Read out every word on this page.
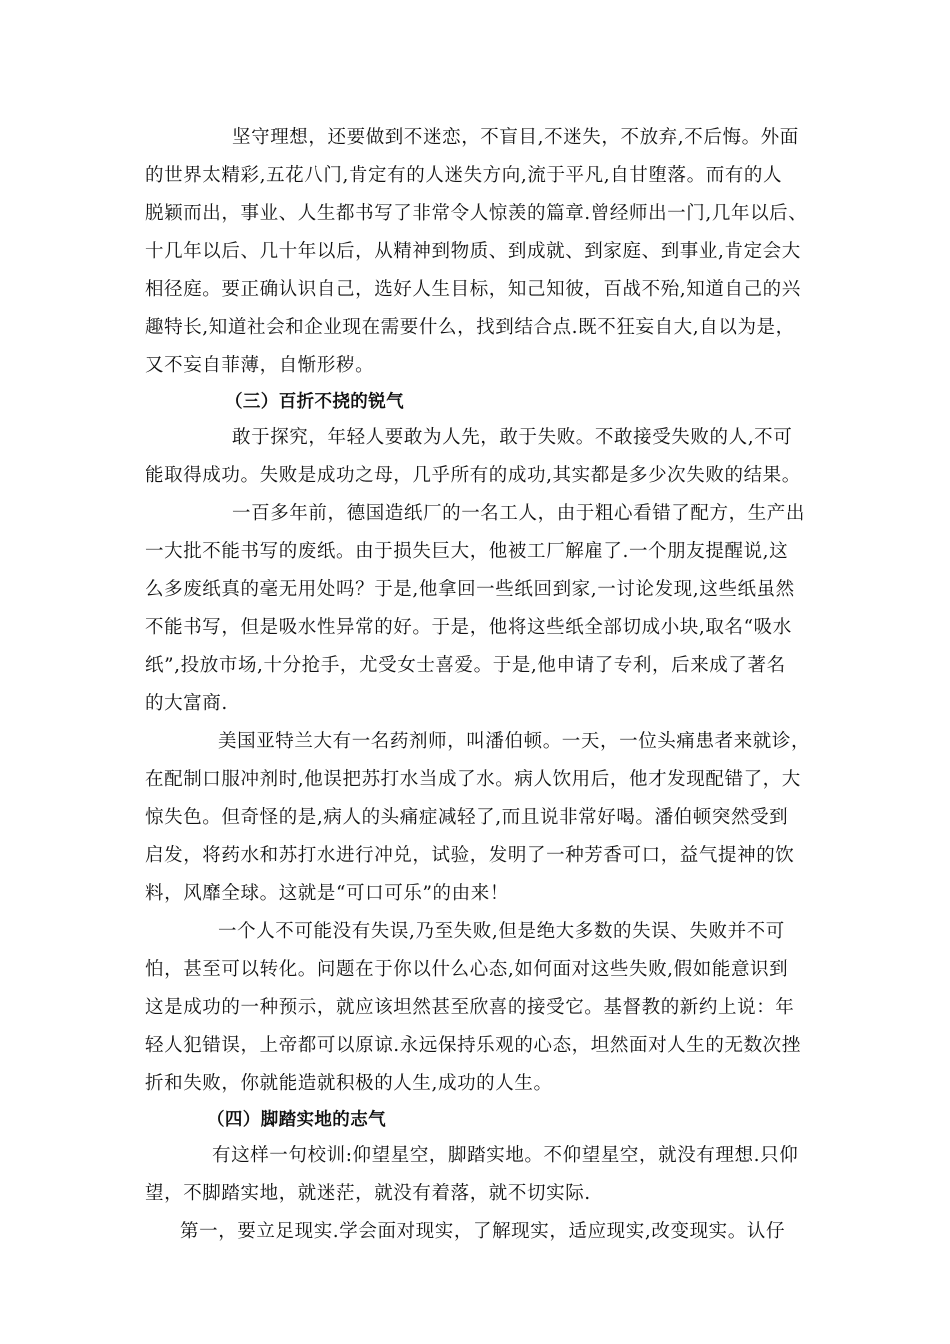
坚守理想，还要做到不迷恋，不盲目,不迷失，不放弃,不后悔。外面
的世界太精彩,五花八门,肯定有的人迷失方向,流于平凡,自甘堕落。而有的人
脱颖而出，事业、人生都书写了非常令人惊羡的篇章.曾经师出一门,几年以后、
十几年以后、几十年以后，从精神到物质、到成就、到家庭、到事业,肯定会大
相径庭。要正确认识自己，选好人生目标，知己知彼，百战不殆,知道自己的兴
趣特长,知道社会和企业现在需要什么，找到结合点.既不狂妄自大,自以为是，
又不妄自菲薄，自惭形秽。
（三）百折不挠的锐气
敢于探究，年轻人要敢为人先，敢于失败。不敢接受失败的人,不可
能取得成功。失败是成功之母，几乎所有的成功,其实都是多少次失败的结果。
一百多年前，德国造纸厂的一名工人，由于粗心看错了配方，生产出
一大批不能书写的废纸。由于损失巨大，他被工厂解雇了.一个朋友提醒说,这
么多废纸真的毫无用处吗？于是,他拿回一些纸回到家,一讨论发现,这些纸虽然
不能书写，但是吸水性异常的好。于是，他将这些纸全部切成小块,取名“吸水
纸”,投放市场,十分抢手，尤受女士喜爱。于是,他申请了专利，后来成了著名
的大富商.
美国亚特兰大有一名药剂师，叫潘伯顿。一天，一位头痛患者来就诊，
在配制口服冲剂时,他误把苏打水当成了水。病人饮用后，他才发现配错了，大
惊失色。但奇怪的是,病人的头痛症减轻了,而且说非常好喝。潘伯顿突然受到
启发，将药水和苏打水进行冲兑，试验，发明了一种芳香可口，益气提神的饮
料，风靡全球。这就是“可口可乐”的由来！
一个人不可能没有失误,乃至失败,但是绝大多数的失误、失败并不可
怕，甚至可以转化。问题在于你以什么心态,如何面对这些失败,假如能意识到
这是成功的一种预示，就应该坦然甚至欣喜的接受它。基督教的新约上说：年
轻人犯错误，上帝都可以原谅.永远保持乐观的心态，坦然面对人生的无数次挫
折和失败，你就能造就积极的人生,成功的人生。
（四）脚踏实地的志气
有这样一句校训:仰望星空，脚踏实地。不仰望星空，就没有理想.只仰
望，不脚踏实地，就迷茫，就没有着落，就不切实际.
第一，要立足现实.学会面对现实，了解现实，适应现实,改变现实。认仔
